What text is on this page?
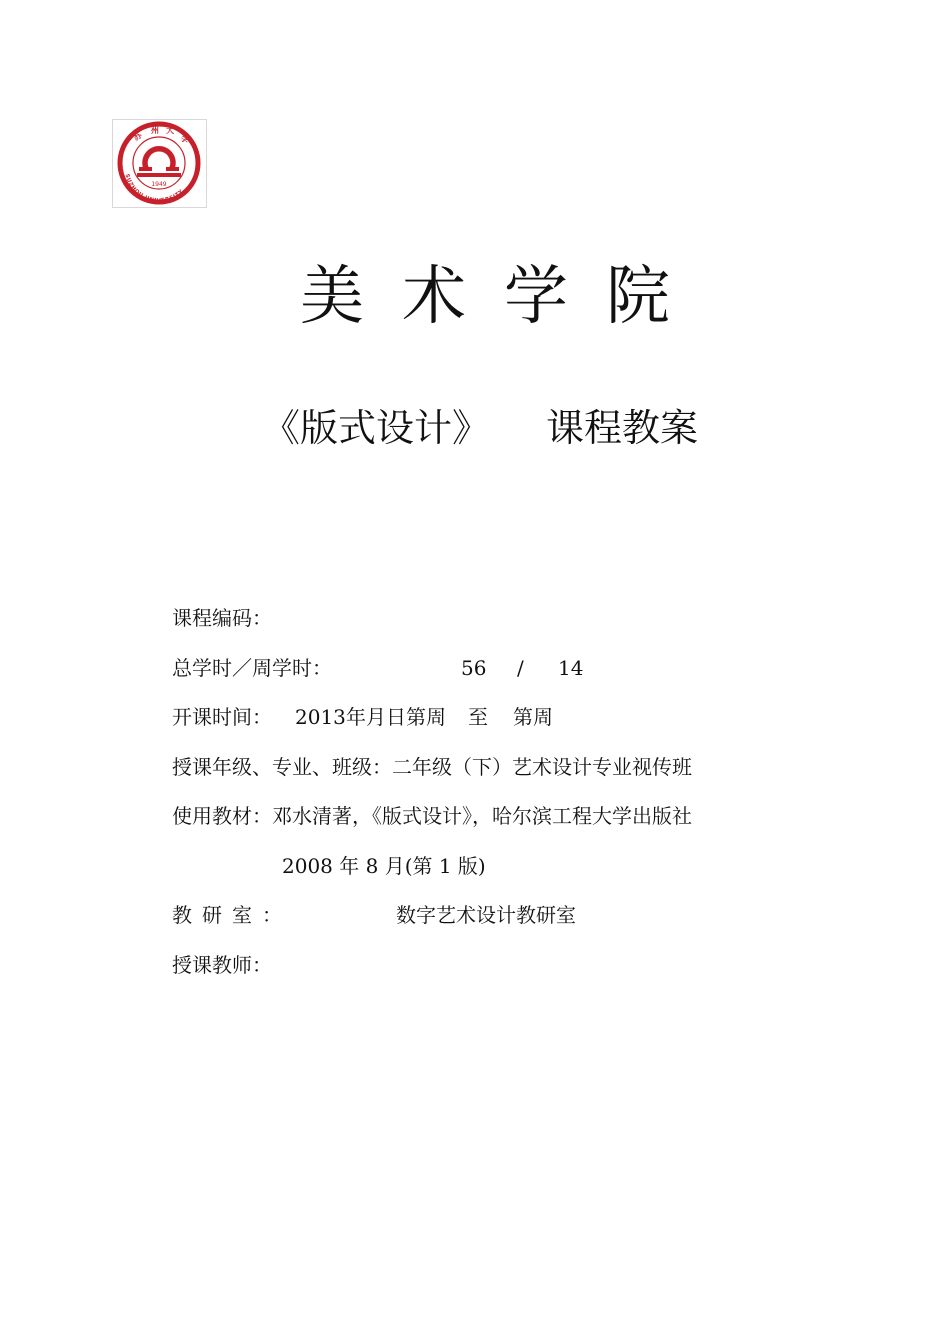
1949
苏
州 大
学
SUZHOU UNIVERSITY
美术学院
《版式设计》 课程教案
课程编码：
总学时／周学时：	56 / 14
开课时间： 2013 年月日第周 至 第周
授课年级、专业、班级：二年级（下）艺术设计专业视传班
使用教材：邓水清著，《版式设计》，哈尔滨工程大学出版社
2008 年 8 月(第 1 版)
教研室：	数字艺术设计教研室
授课教师：
